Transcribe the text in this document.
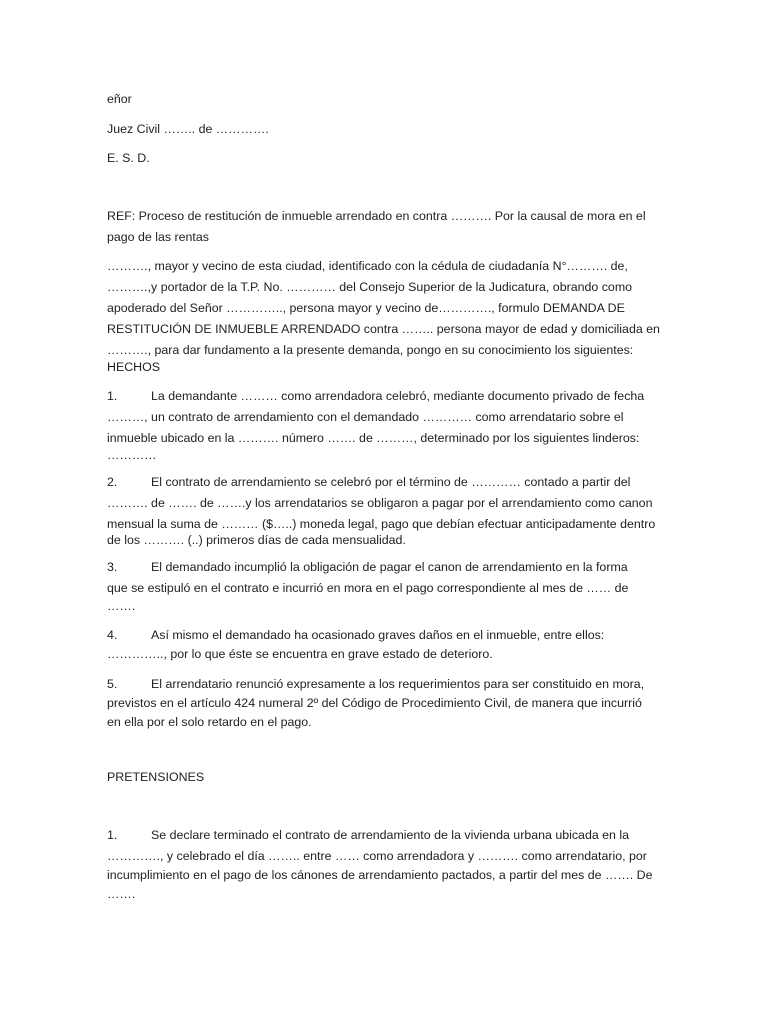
eñor

Juez Civil …….. de ………….

E. S. D.

REF: Proceso de restitución de inmueble arrendado en contra ………. Por la causal de mora en el

pago de las rentas

………., mayor y vecino de esta ciudad, identificado con la cédula de ciudadanía N°………. de,

……….,y portador de la T.P. No. ………… del Consejo Superior de la Judicatura, obrando como

apoderado del Señor ………….., persona mayor y vecino de…………., formulo DEMANDA DE

RESTITUCIÓN DE INMUEBLE ARRENDADO contra …….. persona mayor de edad y domiciliada en

………., para dar fundamento a la presente demanda, pongo en su conocimiento los siguientes:

HECHOS

1.	La demandante ……… como arrendadora celebró, mediante documento privado de fecha

………, un contrato de arrendamiento con el demandado ………… como arrendatario sobre el

inmueble ubicado en la ………. número ……. de ………, determinado por los siguientes linderos:

…………

2.	El contrato de arrendamiento se celebró por el término de ………… contado a partir del

………. de ……. de …….y los arrendatarios se obligaron a pagar por el arrendamiento como canon

mensual la suma de ……… ($…..) moneda legal, pago que debían efectuar anticipadamente dentro

de los ………. (..) primeros días de cada mensualidad.

3.	El demandado incumplió la obligación de pagar el canon de arrendamiento en la forma

que se estipuló en el contrato e incurrió en mora en el pago correspondiente al mes de …… de

…….

4.	Así mismo el demandado ha ocasionado graves daños en el inmueble, entre ellos:

………….., por lo que éste se encuentra en grave estado de deterioro.

5.	El arrendatario renunció expresamente a los requerimientos para ser constituido en mora,

previstos en el artículo 424 numeral 2º del Código de Procedimiento Civil, de manera que incurrió

en ella por el solo retardo en el pago.

PRETENSIONES

1.	Se declare terminado el contrato de arrendamiento de la vivienda urbana ubicada en la

…………., y celebrado el día …….. entre …… como arrendadora y ………. como arrendatario, por

incumplimiento en el pago de los cánones de arrendamiento pactados, a partir del mes de ……. De

…….
